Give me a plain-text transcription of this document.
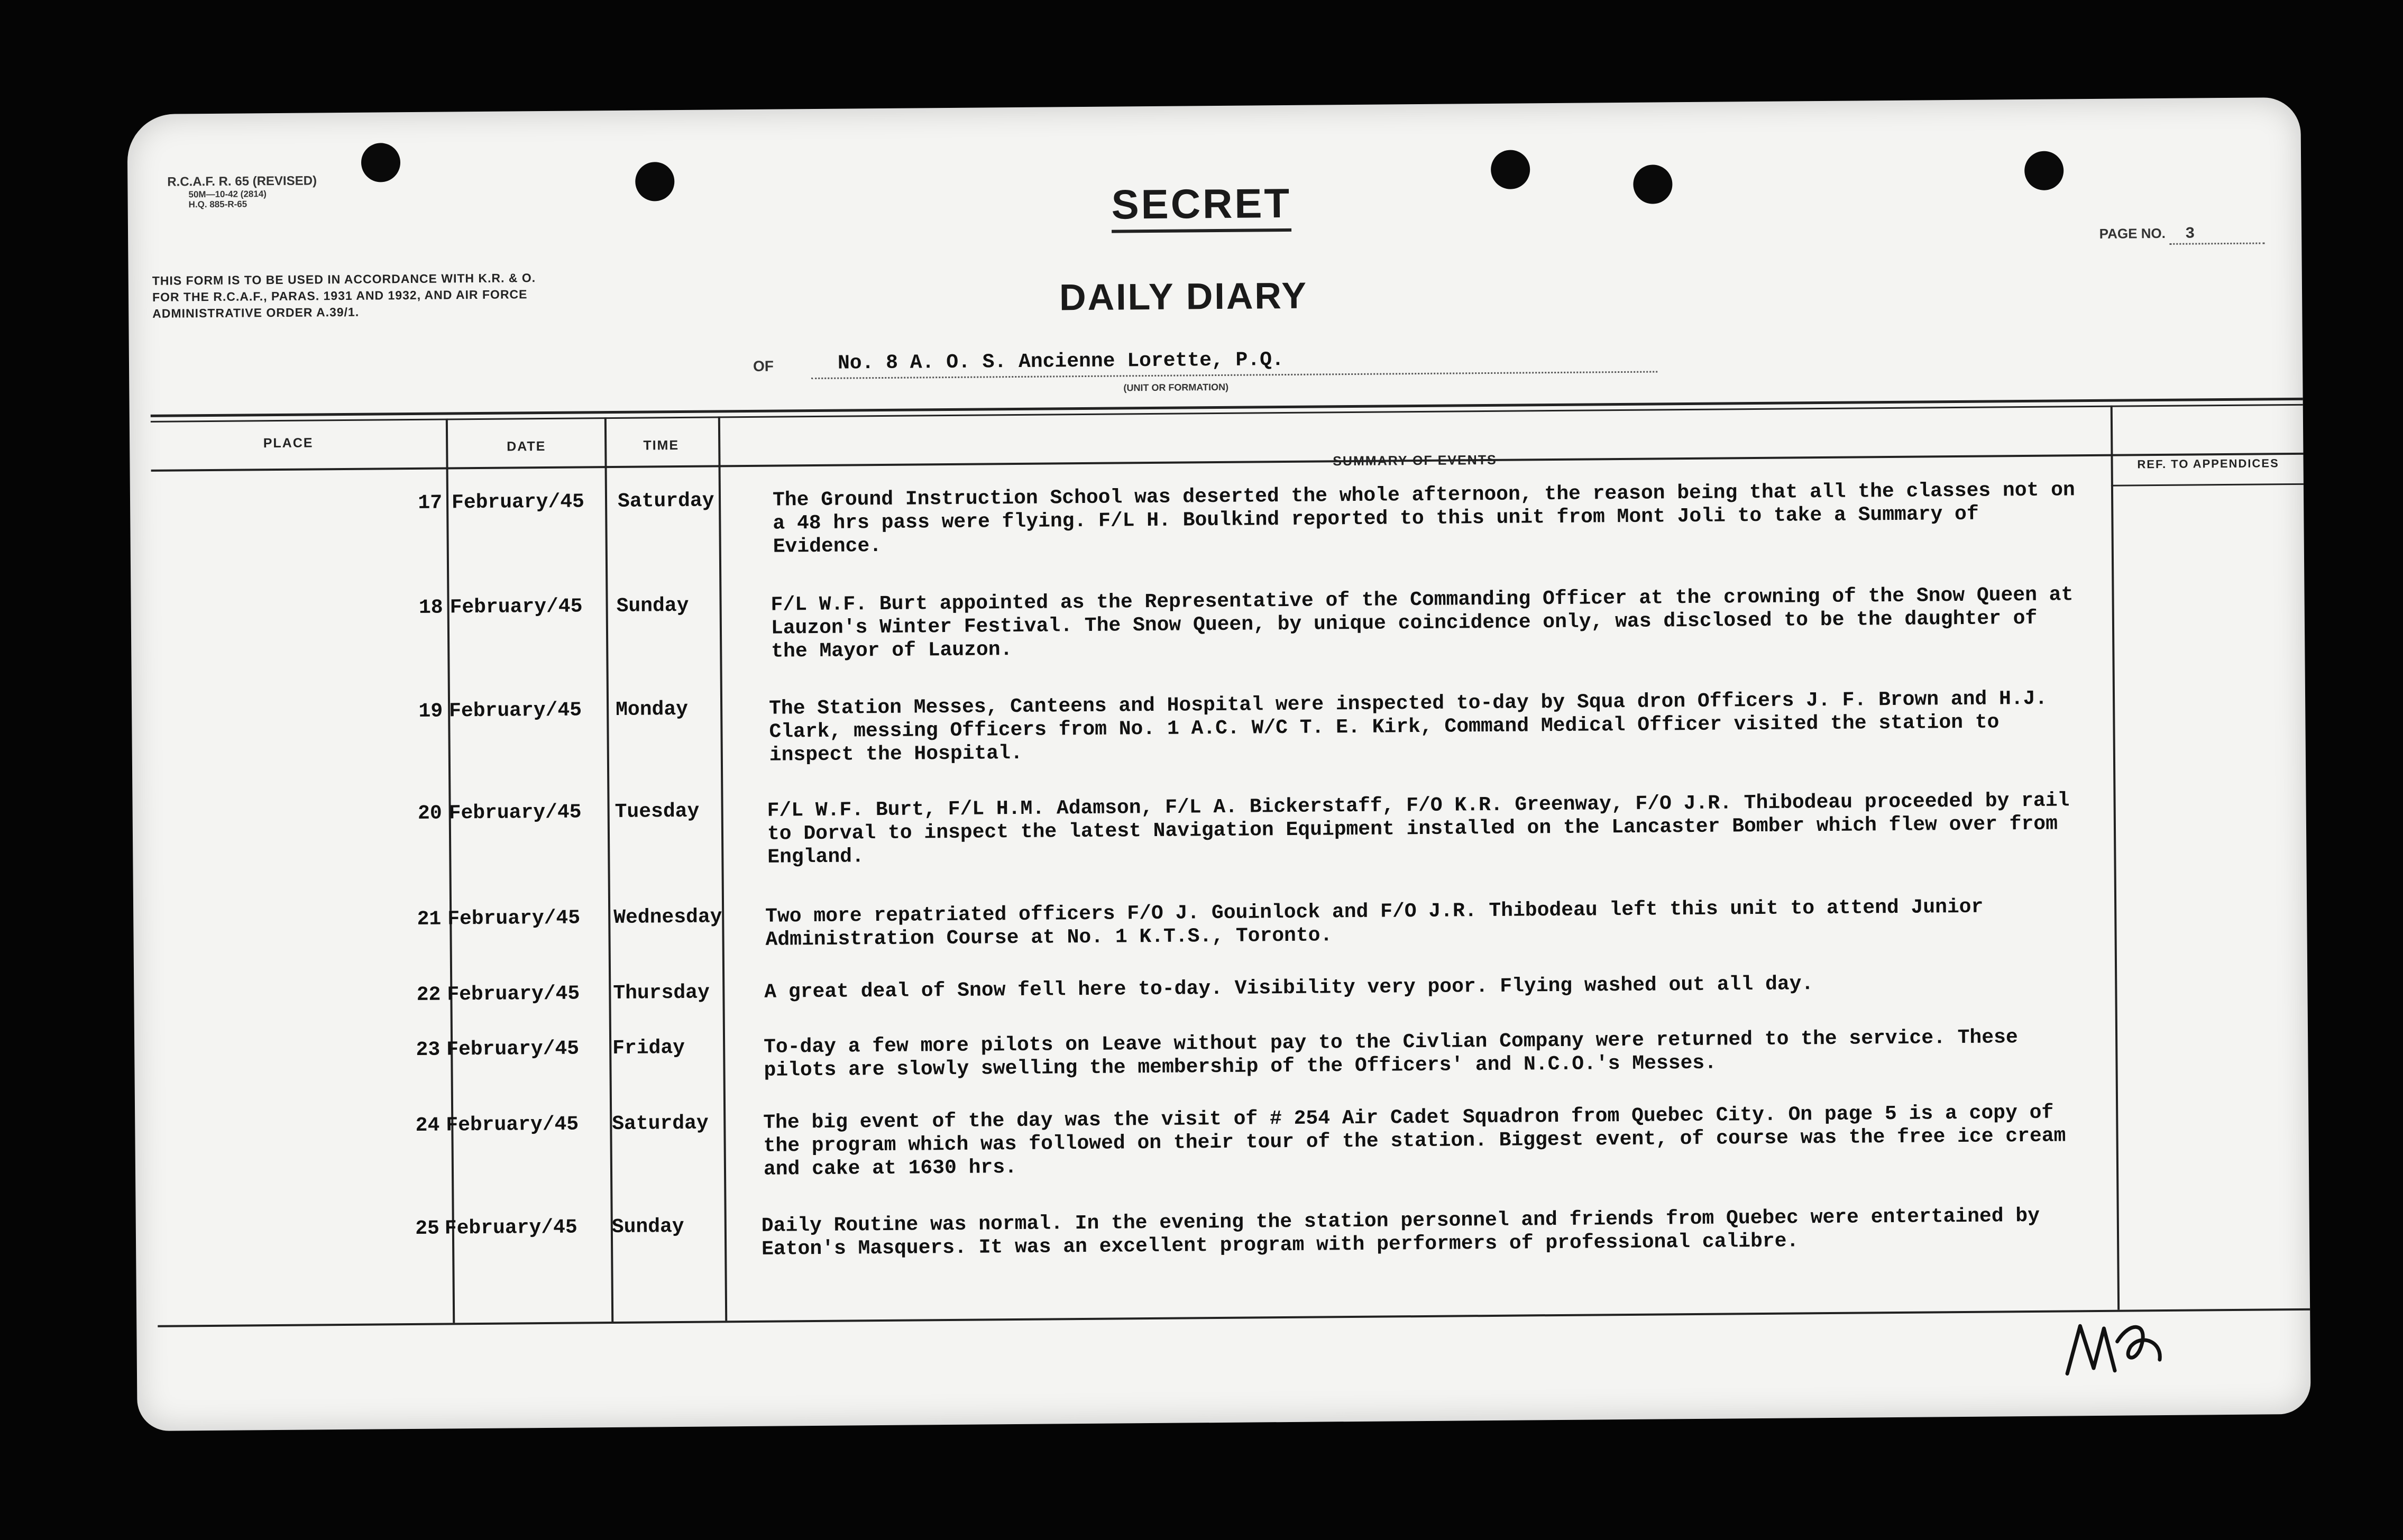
R.C.A.F. R. 65 (REVISED)
50M—10-42 (2814)
H.Q. 885-R-65
THIS FORM IS TO BE USED IN ACCORDANCE WITH K.R. & O. FOR THE R.C.A.F., PARAS. 1931 AND 1932, AND AIR FORCE ADMINISTRATIVE ORDER A.39/1.
SECRET
PAGE NO. 3
DAILY DIARY
OF	No. 8 A. O. S. Ancienne Lorette, P.Q.
(UNIT OR FORMATION)
PLACE	DATE	TIME
SUMMARY OF EVENTS	REF. TO APPENDICES
17 February/45 Saturday	The Ground Instruction School was deserted the whole afternoon, the reason being that all the classes not on a 48 hrs pass were flying. F/L H. Boulkind reported to this unit from Mont Joli to take a Summary of Evidence.
18 February/45 Sunday	F/L W.F. Burt appointed as the Representative of the Commanding Officer at the crowning of the Snow Queen at Lauzon's Winter Festival. The Snow Queen, by unique coincidence only, was disclosed to be the daughter of the Mayor of Lauzon.
19 February/45 Monday	The Station Messes, Canteens and Hospital were inspected to-day by Squa dron Officers J. F. Brown and H.J. Clark, messing Officers from No. 1 A.C. W/C T. E. Kirk, Command Medical Officer visited the station to inspect the Hospital.
20 February/45 Tuesday	F/L W.F. Burt, F/L H.M. Adamson, F/L A. Bickerstaff, F/O K.R. Greenway, F/O J.R. Thibodeau proceeded by rail to Dorval to inspect the latest Navigation Equipment installed on the Lancaster Bomber which flew over from England.
21 February/45 Wednesday Two more repatriated officers F/O J. Gouinlock and F/O J.R. Thibodeau left this unit to attend Junior Administration Course at No. 1 K.T.S., Toronto.
22 February/45 Thursday	A great deal of Snow fell here to-day. Visibility very poor. Flying washed out all day.
23 February/45 Friday	To-day a few more pilots on Leave without pay to the Civlian Company were returned to the service. These pilots are slowly swelling the membership of the Officers' and N.C.O.'s Messes.
24 February/45 Saturday	The big event of the day was the visit of # 254 Air Cadet Squadron from Quebec City. On page 5 is a copy of the program which was followed on their tour of the station. Biggest event, of course was the free ice cream and cake at 1630 hrs.
25 February/45 Sunday	Daily Routine was normal. In the evening the station personnel and friends from Quebec were entertained by Eaton's Masquers. It was an excellent program with performers of professional calibre.
